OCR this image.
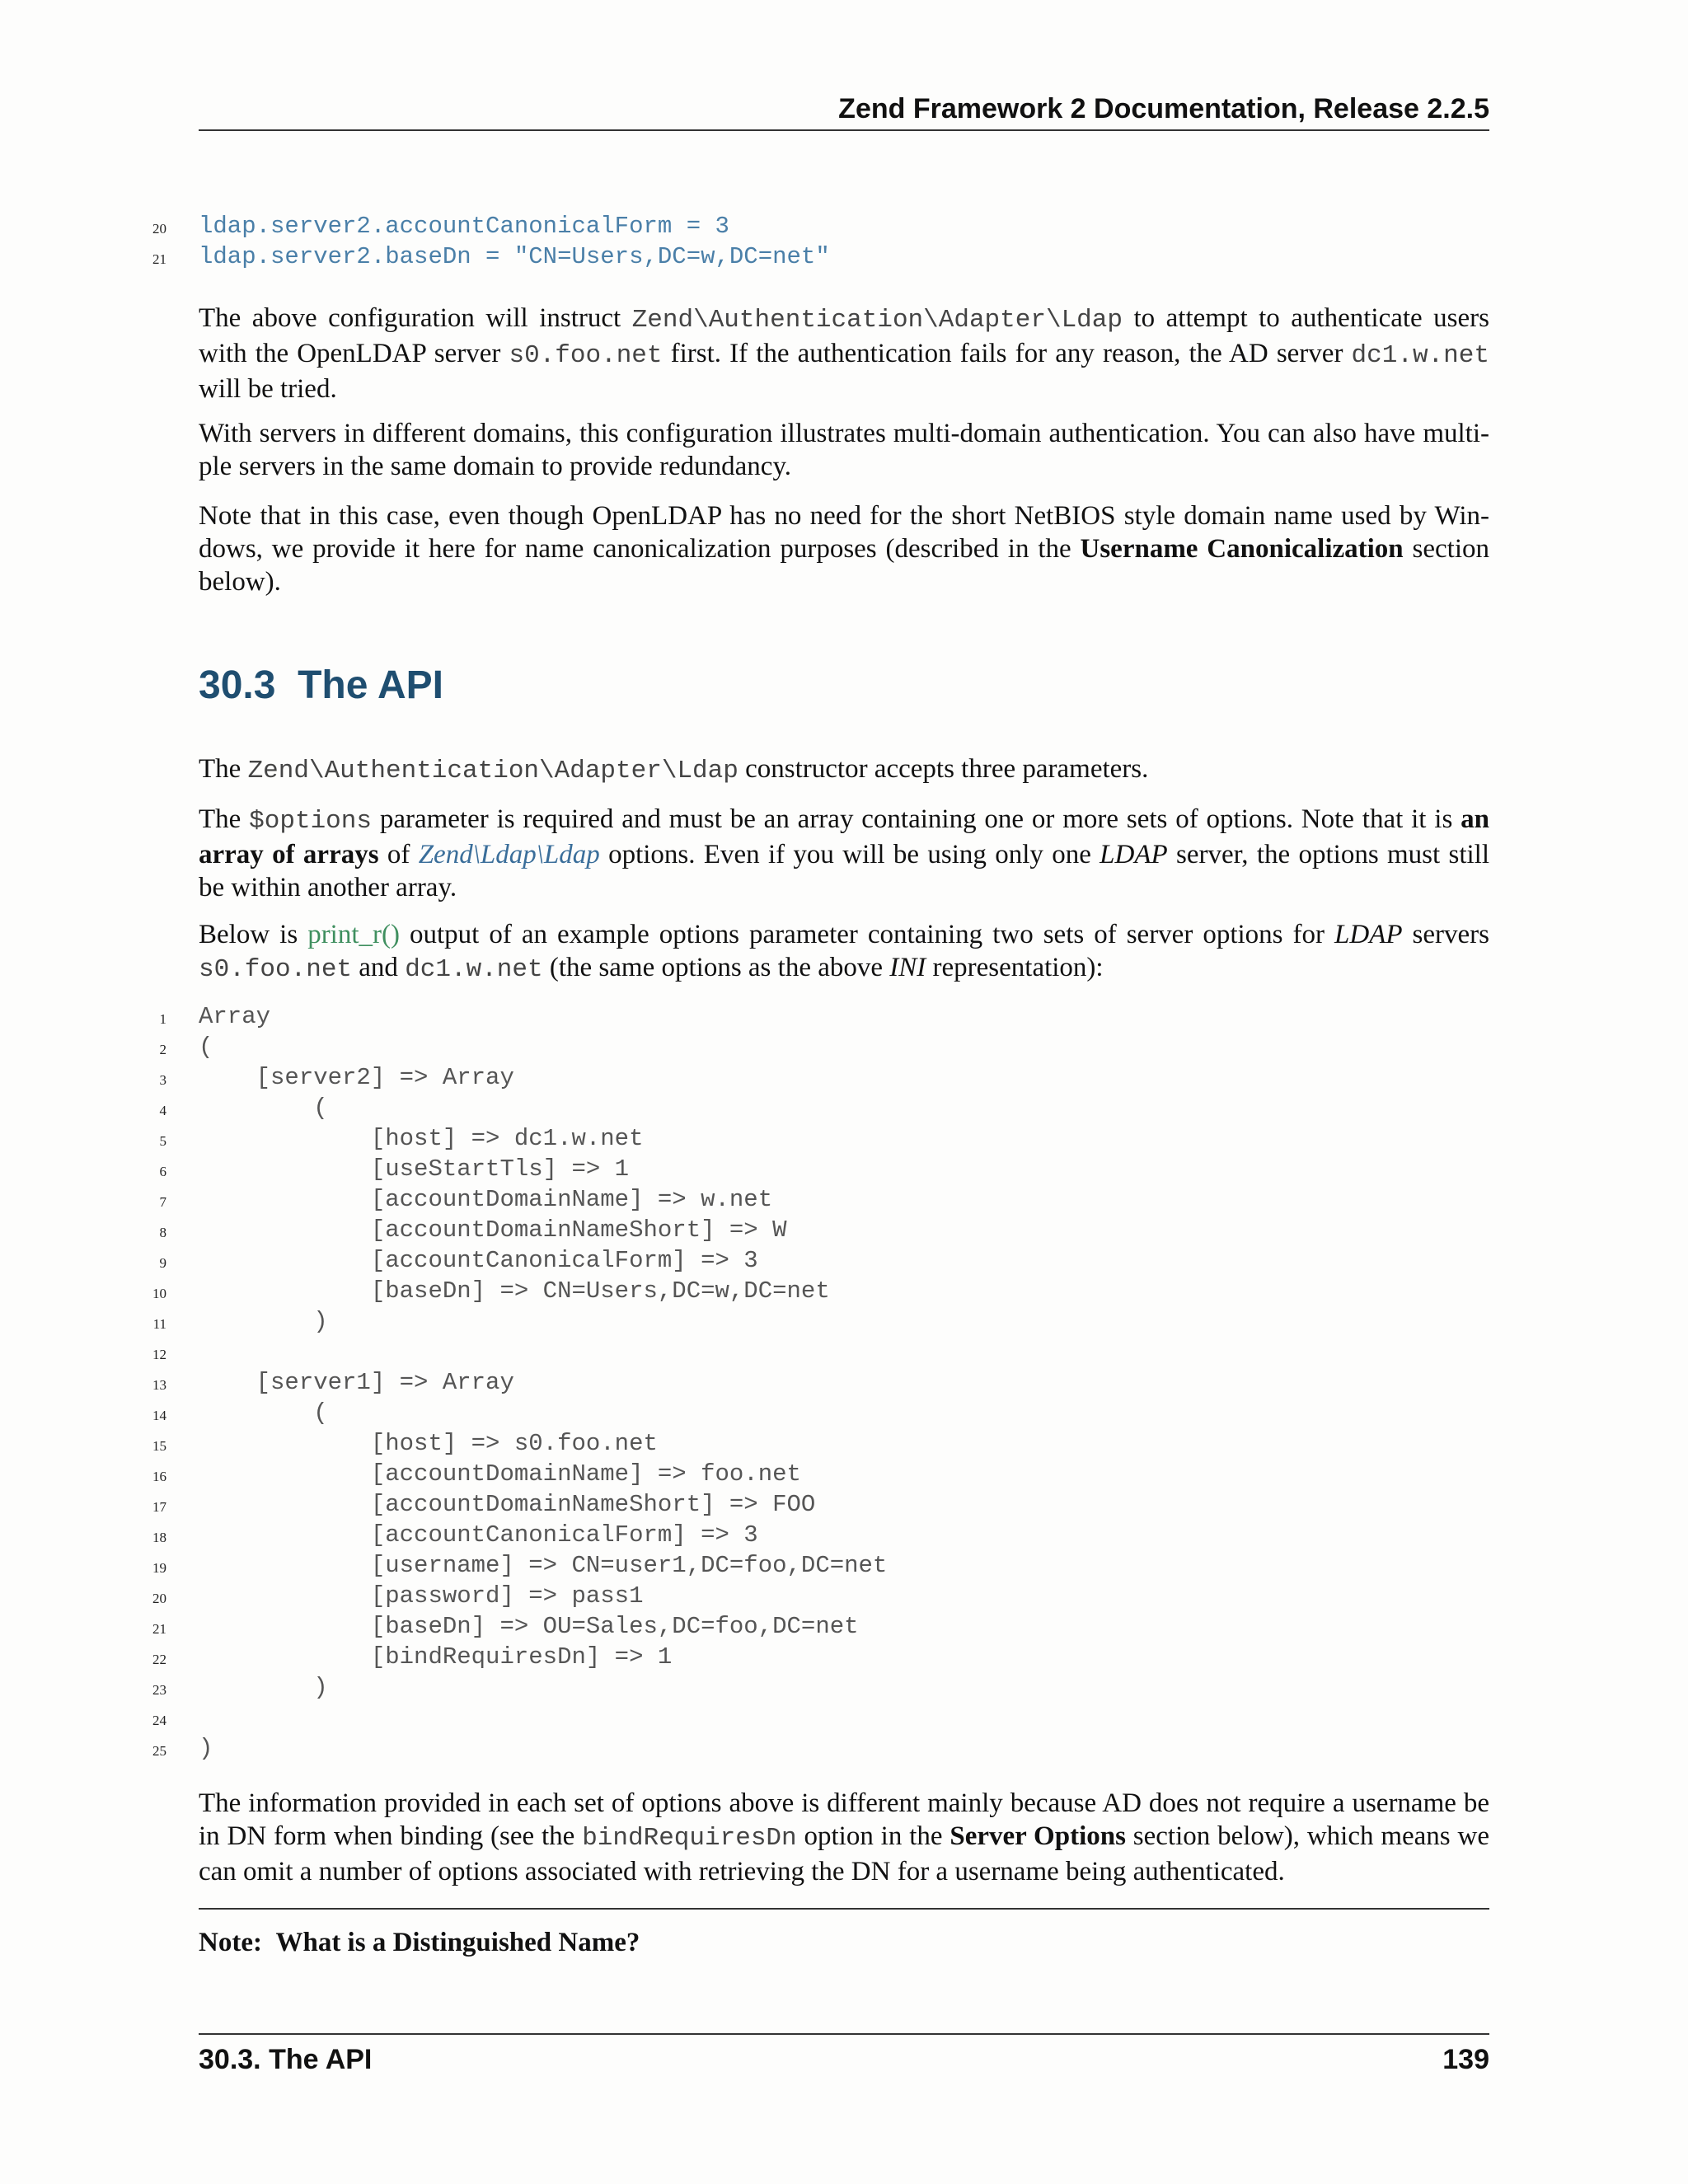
Zend Framework 2 Documentation, Release 2.2.5
20 ldap.server2.accountCanonicalForm = 3
21 ldap.server2.baseDn = "CN=Users,DC=w,DC=net"

The above configuration will instruct Zend\Authentication\Adapter\Ldap to attempt to authenticate users with the OpenLDAP server s0.foo.net first. If the authentication fails for any reason, the AD server dc1.w.net will be tried.

With servers in different domains, this configuration illustrates multi-domain authentication. You can also have multi-ple servers in the same domain to provide redundancy.

Note that in this case, even though OpenLDAP has no need for the short NetBIOS style domain name used by Win-dows, we provide it here for name canonicalization purposes (described in the Username Canonicalization section below).

30.3 The API

The Zend\Authentication\Adapter\Ldap constructor accepts three parameters.

The $options parameter is required and must be an array containing one or more sets of options. Note that it is an array of arrays of Zend\Ldap\Ldap options. Even if you will be using only one LDAP server, the options must still be within another array.

Below is print_r() output of an example options parameter containing two sets of server options for LDAP servers s0.foo.net and dc1.w.net (the same options as the above INI representation):

1 Array
2 (
3 [server2] => Array
4 (
5 [host] => dc1.w.net
6 [useStartTls] => 1
7 [accountDomainName] => w.net
8 [accountDomainNameShort] => W
9 [accountCanonicalForm] => 3
10 [baseDn] => CN=Users,DC=w,DC=net
11 )
12
13 [server1] => Array
14 (
15 [host] => s0.foo.net
16 [accountDomainName] => foo.net
17 [accountDomainNameShort] => FOO
18 [accountCanonicalForm] => 3
19 [username] => CN=user1,DC=foo,DC=net
20 [password] => pass1
21 [baseDn] => OU=Sales,DC=foo,DC=net
22 [bindRequiresDn] => 1
23 )
24
25 )

The information provided in each set of options above is different mainly because AD does not require a username be in DN form when binding (see the bindRequiresDn option in the Server Options section below), which means we can omit a number of options associated with retrieving the DN for a username being authenticated.

Note: What is a Distinguished Name?
30.3. The API	139
